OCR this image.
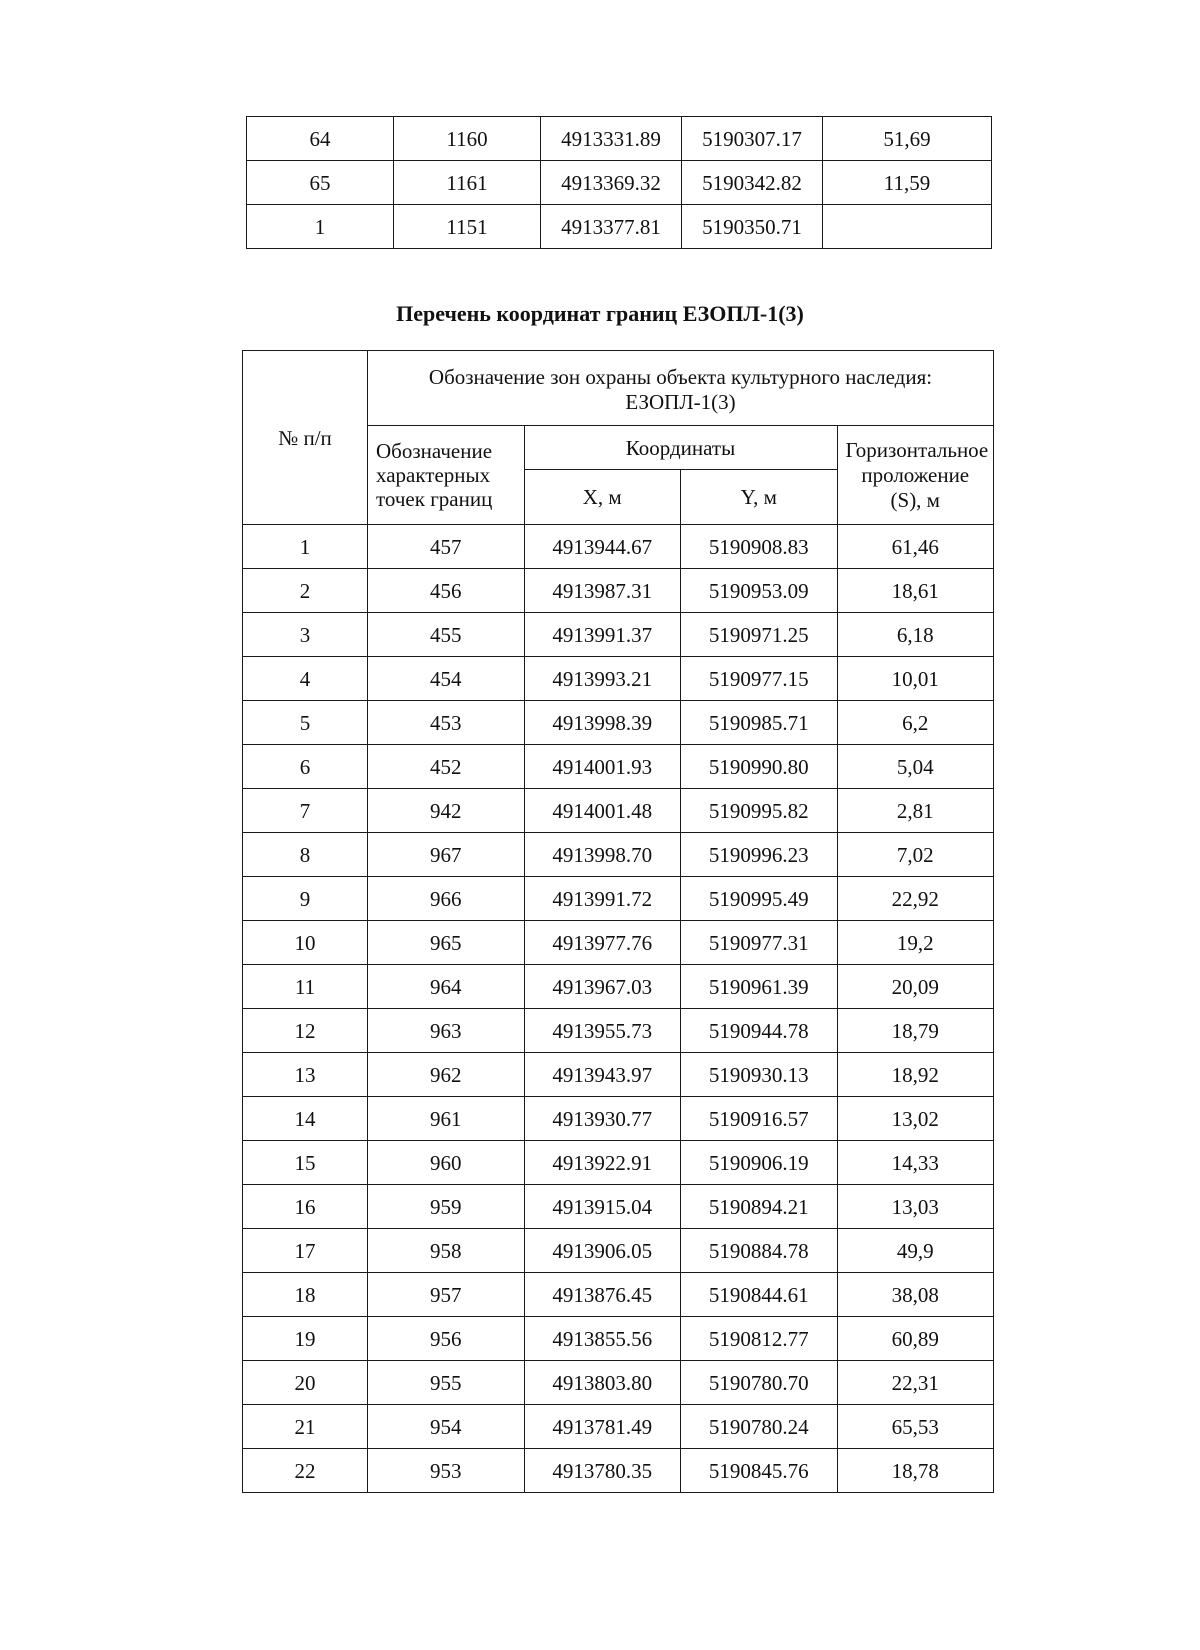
64	1160	4913331.89	5190307.17	51,69
65	1161	4913369.32	5190342.82	11,59
1	1151	4913377.81	5190350.71	
Перечень координат границ ЕЗОПЛ-1(3)
№ п/п	Обозначение зон охраны объекта культурного наследия: ЕЗОПЛ-1(3)			
	Обозначение характерных точек границ	Координаты		Горизонтальное проложение (S), м
		X, м	Y, м	
1	457	4913944.67	5190908.83	61,46
2	456	4913987.31	5190953.09	18,61
3	455	4913991.37	5190971.25	6,18
4	454	4913993.21	5190977.15	10,01
5	453	4913998.39	5190985.71	6,2
6	452	4914001.93	5190990.80	5,04
7	942	4914001.48	5190995.82	2,81
8	967	4913998.70	5190996.23	7,02
9	966	4913991.72	5190995.49	22,92
10	965	4913977.76	5190977.31	19,2
11	964	4913967.03	5190961.39	20,09
12	963	4913955.73	5190944.78	18,79
13	962	4913943.97	5190930.13	18,92
14	961	4913930.77	5190916.57	13,02
15	960	4913922.91	5190906.19	14,33
16	959	4913915.04	5190894.21	13,03
17	958	4913906.05	5190884.78	49,9
18	957	4913876.45	5190844.61	38,08
19	956	4913855.56	5190812.77	60,89
20	955	4913803.80	5190780.70	22,31
21	954	4913781.49	5190780.24	65,53
22	953	4913780.35	5190845.76	18,78
